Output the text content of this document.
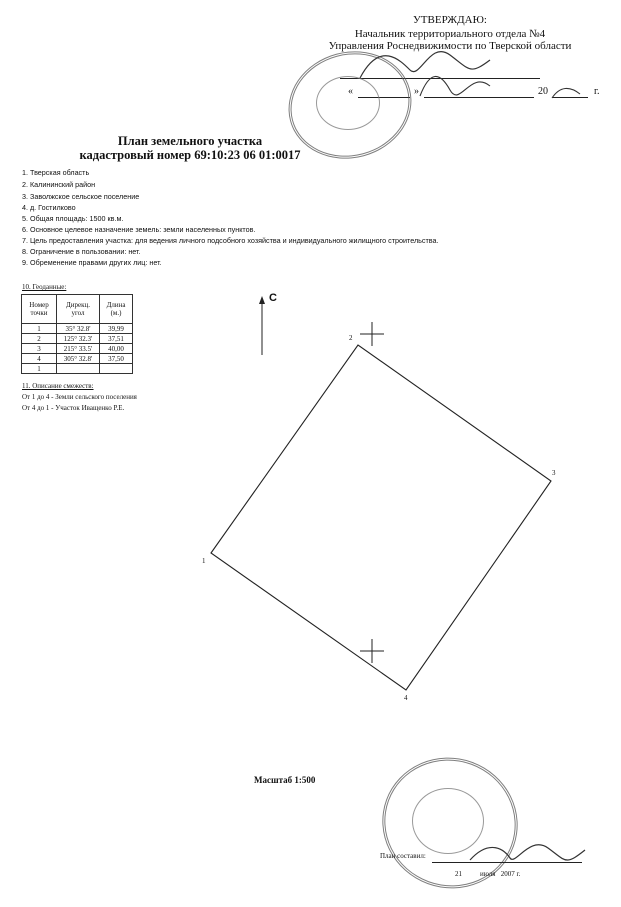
УТВЕРЖДАЮ:
Начальник территориального отдела №4
Управления Роснедвижимости по Тверской области
«	»	20	г.
План земельного участка
кадастровый номер 69:10:23 06 01:0017
1. Тверская область
2. Калининский район
3. Заволжское сельское поселение
4. д. Гостилково
5. Общая площадь: 1500 кв.м.
6. Основное целевое назначение земель: земли населенных пунктов.
7. Цель предоставления участка: для ведения личного подсобного хозяйства и индивидуального жилищного строительства.
8. Ограничение в пользовании: нет.
9. Обременение правами других лиц: нет.
10. Геоданные:
Номер точки	Дирекц. угол	Длина (м.)
1	35° 32.8'	39,99
2	125° 32.3'	37,51
3	215° 33.5'	40,00
4	305° 32.8'	37,50
1		
11. Описание смежеств:
От 1 до 4 - Земли сельского поселения
От 4 до 1 - Участок Иващенко Р.Е.
С
1
2
3
4
Масштаб 1:500
План составил:
21	июля   2007 г.
